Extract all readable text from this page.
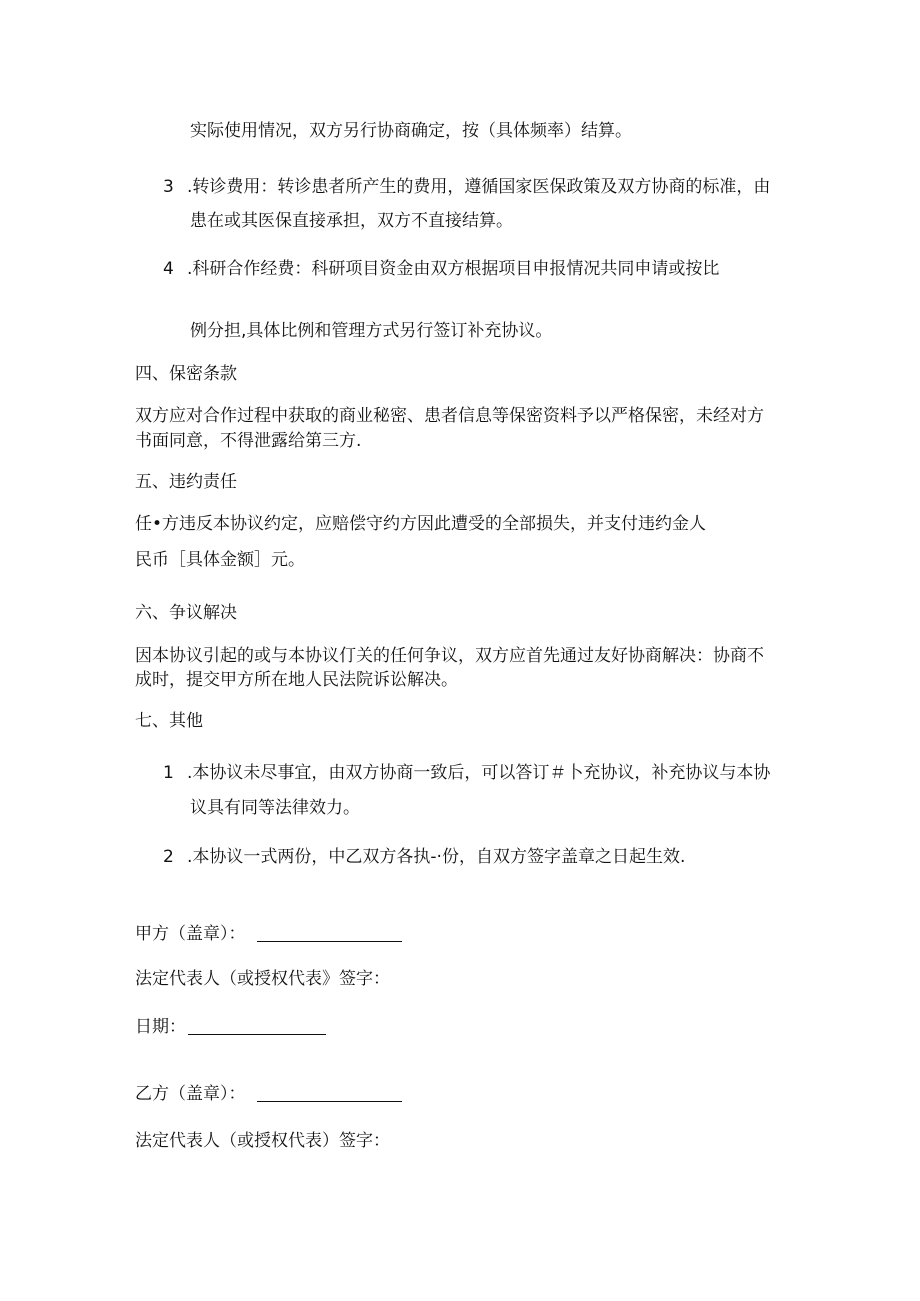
实际使用情况，双方另行协商确定，按（具体频率）结算。
3 .转诊费用：转诊患者所产生的费用，遵循国家医保政策及双方协商的标准，由
患在或其医保直接承担，双方不直接结算。
4 .科研合作经费：科研项目资金由双方根据项目申报情况共同申请或按比
例分担,具体比例和管理方式另行签订补充协议。
四、保密条款
双方应对合作过程中获取的商业秘密、患者信息等保密资料予以严格保密，未经对方
书面同意，不得泄露给第三方.
五、违约责任
任•方违反本协议约定，应赔偿守约方因此遭受的全部损失，并支付违约金人
民币［具体金额］元。
六、争议解决
因本协议引起的或与本协议仃关的任何争议，双方应首先通过友好协商解决：协商不
成时，提交甲方所在地人民法院诉讼解决。
七、其他
1 .本协议未尽事宜，由双方协商一致后，可以答订＃卜充协议，补充协议与本协
议具有同等法律效力。
2 .本协议一式两份，中乙双方各执-·份，自双方签字盖章之日起生效.
甲方（盖章）：
法定代表人（或授权代表》签字：
日期：
乙方（盖章）：
法定代表人（或授权代表）签字：
